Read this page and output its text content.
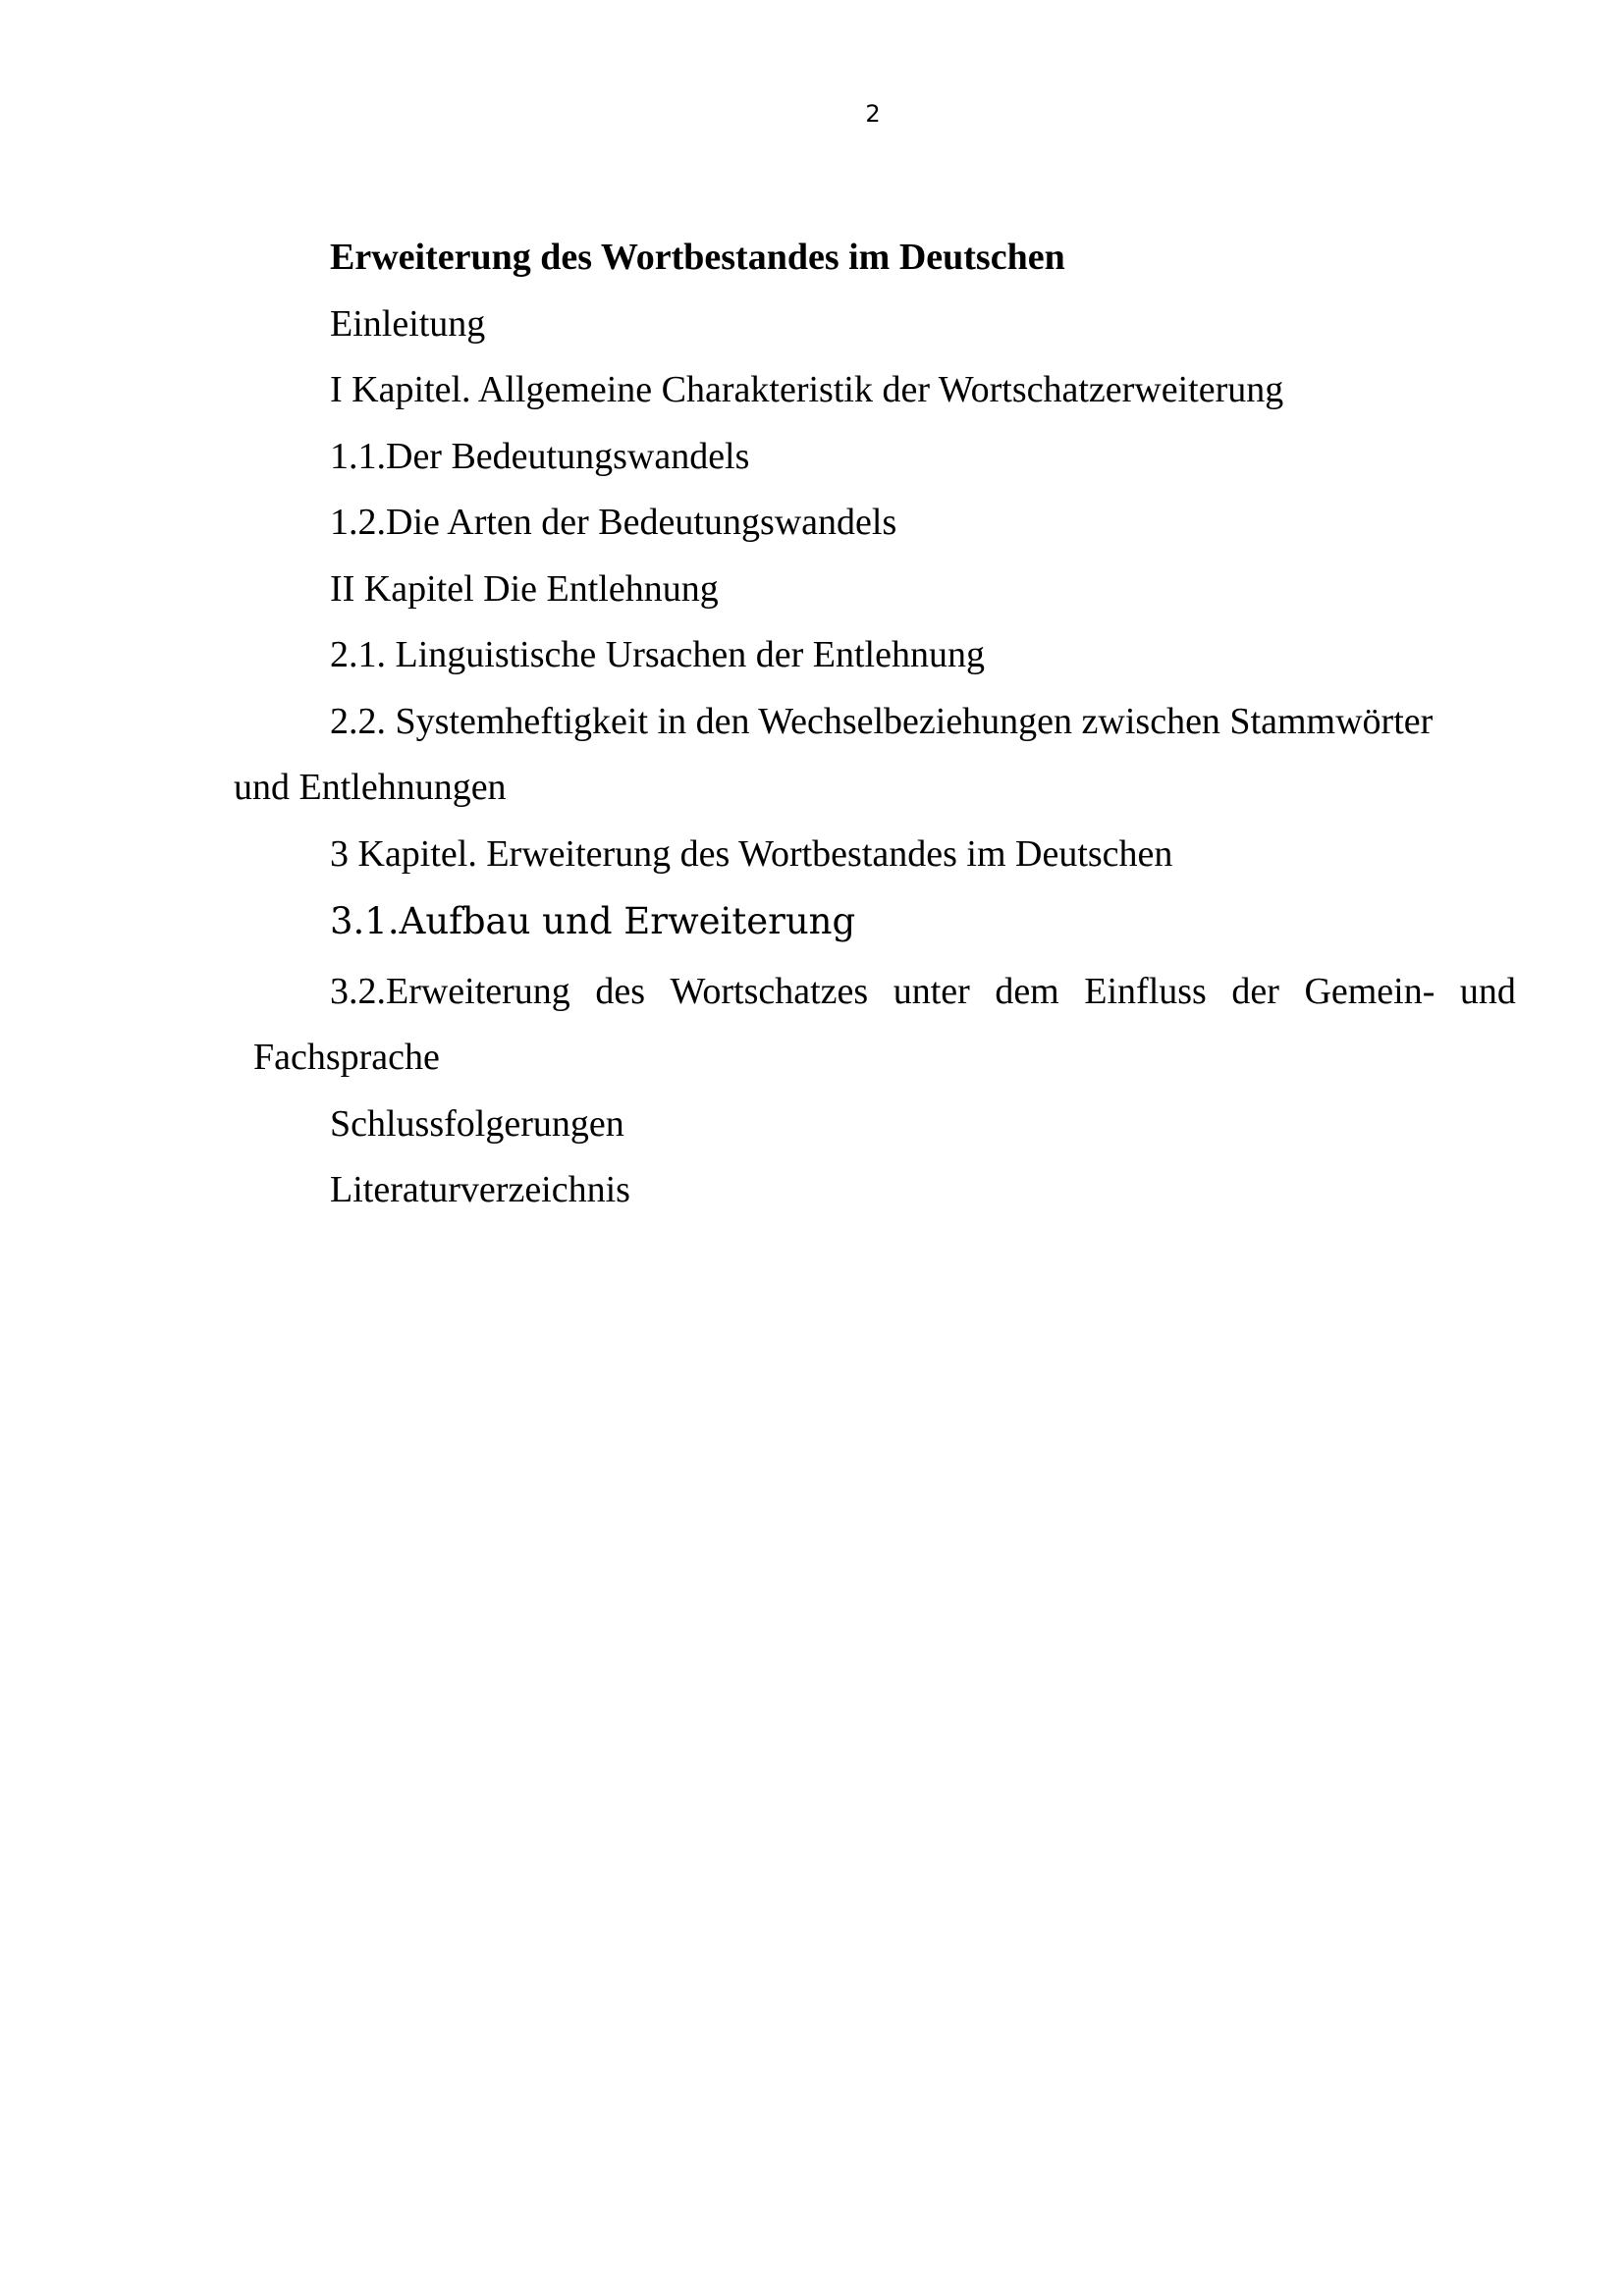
2
Erweiterung des Wortbestandes im Deutschen
Einleitung
I Kapitel. Allgemeine Charakteristik der Wortschatzerweiterung
1.1.Der Bedeutungswandels
1.2.Die Arten der Bedeutungswandels
II Kapitel Die Entlehnung
2.1. Linguistische Ursachen der Entlehnung
2.2. Systemheftigkeit in den Wechselbeziehungen zwischen Stammwörter
und Entlehnungen
3 Kapitel. Erweiterung des Wortbestandes im Deutschen
3.1.Aufbau und Erweiterung
3.2.Erweiterung des Wortschatzes unter dem Einfluss der Gemein- und
Fachsprache
Schlussfolgerungen
Literaturverzeichnis
